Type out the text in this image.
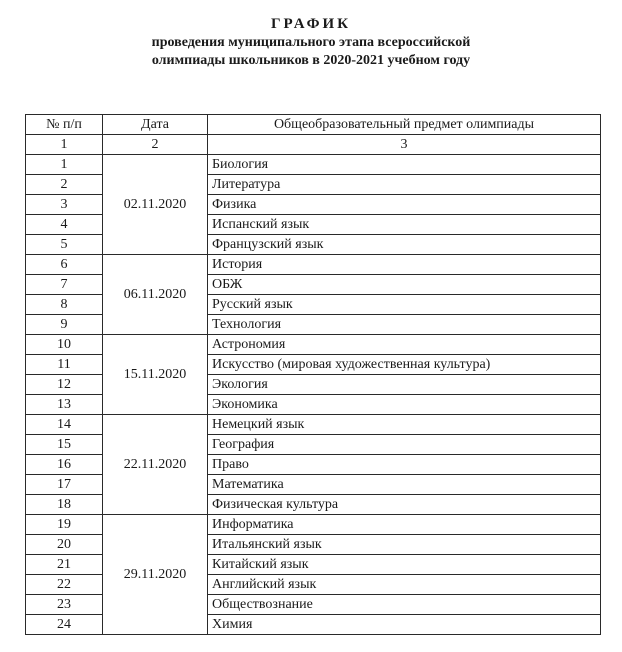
ГРАФИК
проведения муниципального этапа всероссийской
олимпиады школьников в 2020-2021 учебном году
№ п/п	Дата	Общеобразовательный предмет олимпиады
1	2	3
1	02.11.2020	Биология
2		Литература
3		Физика
4		Испанский язык
5		Французский язык
6	06.11.2020	История
7		ОБЖ
8		Русский язык
9		Технология
10	15.11.2020	Астрономия
11		Искусство (мировая художественная культура)
12		Экология
13		Экономика
14	22.11.2020	Немецкий язык
15		География
16		Право
17		Математика
18		Физическая культура
19	29.11.2020	Информатика
20		Итальянский язык
21		Китайский язык
22		Английский язык
23		Обществознание
24		Химия
